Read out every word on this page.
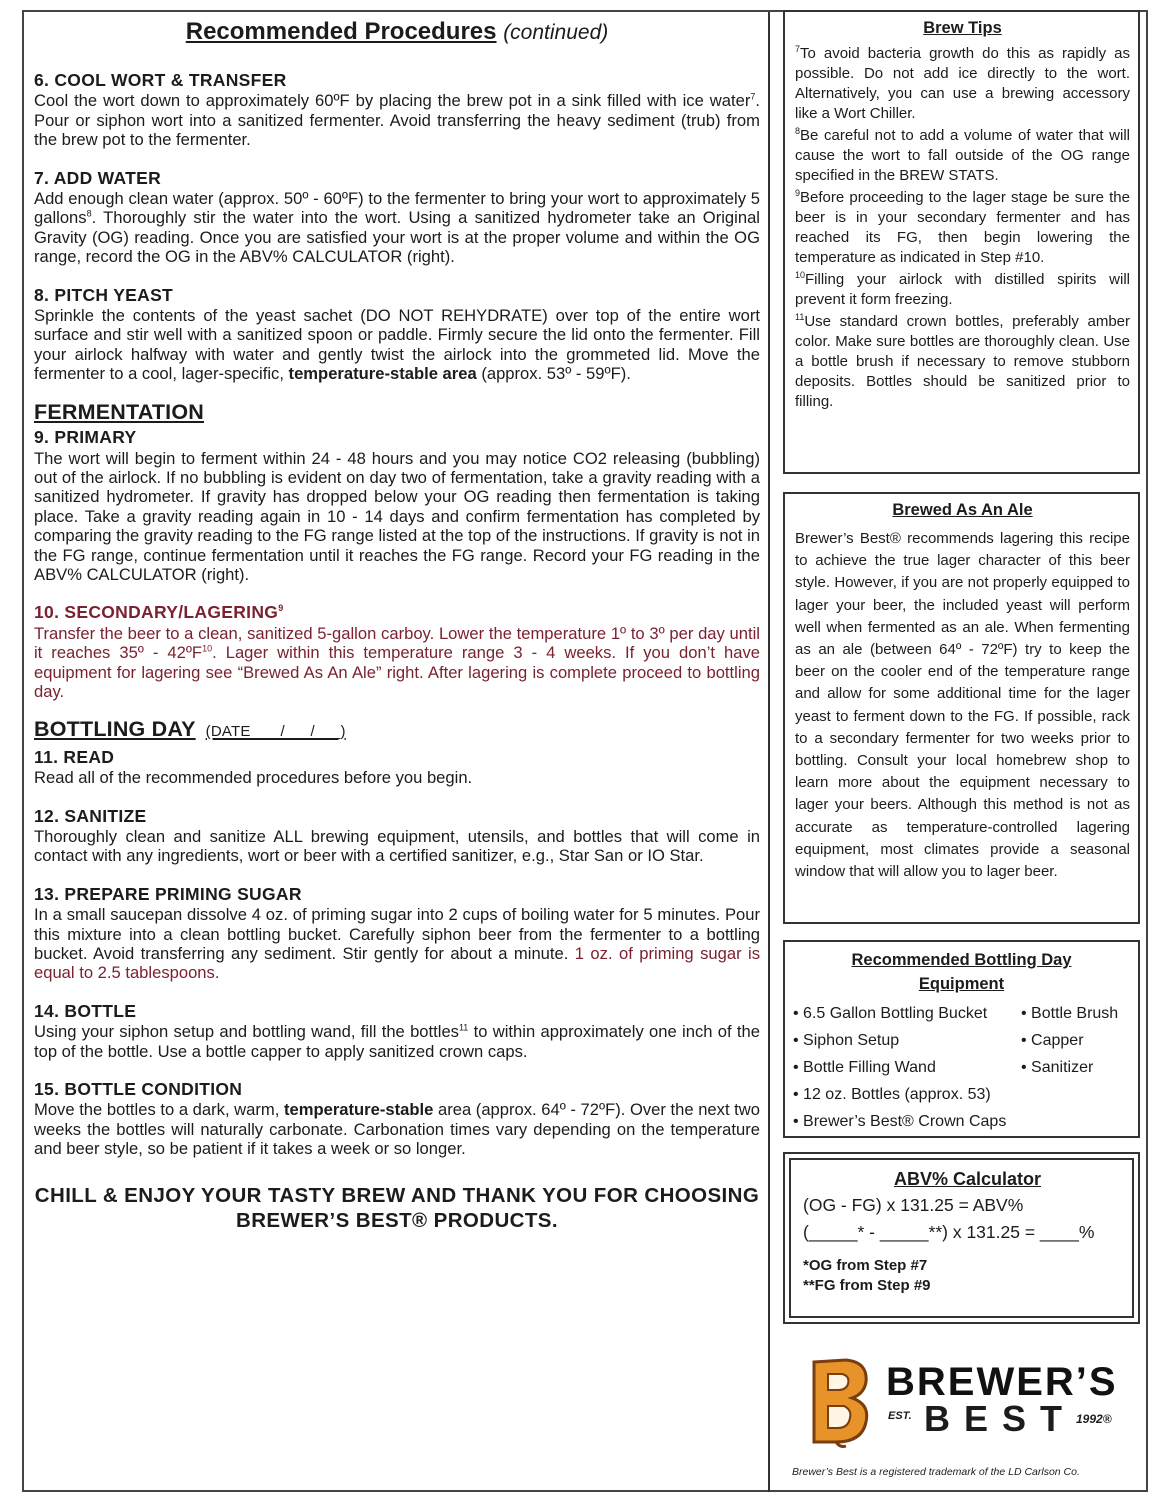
Recommended Procedures (continued)
6. COOL WORT & TRANSFER
Cool the wort down to approximately 60ºF by placing the brew pot in a sink filled with ice water$^7$. Pour or siphon wort into a sanitized fermenter. Avoid transferring the heavy sediment (trub) from the brew pot to the fermenter.
7. ADD WATER
Add enough clean water (approx. 50º - 60ºF) to the fermenter to bring your wort to approximately 5 gallons$^8$. Thoroughly stir the water into the wort. Using a sanitized hydrometer take an Original Gravity (OG) reading. Once you are satisfied your wort is at the proper volume and within the OG range, record the OG in the ABV% CALCULATOR (right).
8. PITCH YEAST
Sprinkle the contents of the yeast sachet (DO NOT REHYDRATE) over top of the entire wort surface and stir well with a sanitized spoon or paddle. Firmly secure the lid onto the fermenter. Fill your airlock halfway with water and gently twist the airlock into the grommeted lid. Move the fermenter to a cool, lager-specific, temperature-stable area (approx. 53º - 59ºF).
FERMENTATION
9. PRIMARY
The wort will begin to ferment within 24 - 48 hours and you may notice CO2 releasing (bubbling) out of the airlock. If no bubbling is evident on day two of fermentation, take a gravity reading with a sanitized hydrometer. If gravity has dropped below your OG reading then fermentation is taking place. Take a gravity reading again in 10 - 14 days and confirm fermentation has completed by comparing the gravity reading to the FG range listed at the top of the instructions. If gravity is not in the FG range, continue fermentation until it reaches the FG range. Record your FG reading in the ABV% CALCULATOR (right).
10. SECONDARY/LAGERING$^9$
Transfer the beer to a clean, sanitized 5-gallon carboy. Lower the temperature 1º to 3º per day until it reaches 35º - 42ºF$^{10}$. Lager within this temperature range 3 - 4 weeks. If you don’t have equipment for lagering see “Brewed As An Ale” right. After lagering is complete proceed to bottling day.
BOTTLING DAY (DATE ___/___/___)
11. READ
Read all of the recommended procedures before you begin.
12. SANITIZE
Thoroughly clean and sanitize ALL brewing equipment, utensils, and bottles that will come in contact with any ingredients, wort or beer with a certified sanitizer, e.g., Star San or IO Star.
13. PREPARE PRIMING SUGAR
In a small saucepan dissolve 4 oz. of priming sugar into 2 cups of boiling water for 5 minutes. Pour this mixture into a clean bottling bucket. Carefully siphon beer from the fermenter to a bottling bucket. Avoid transferring any sediment. Stir gently for about a minute. 1 oz. of priming sugar is equal to 2.5 tablespoons.
14. BOTTLE
Using your siphon setup and bottling wand, fill the bottles$^{11}$ to within approximately one inch of the top of the bottle. Use a bottle capper to apply sanitized crown caps.
15. BOTTLE CONDITION
Move the bottles to a dark, warm, temperature-stable area (approx. 64º - 72ºF). Over the next two weeks the bottles will naturally carbonate. Carbonation times vary depending on the temperature and beer style, so be patient if it takes a week or so longer.
CHILL & ENJOY YOUR TASTY BREW AND THANK YOU FOR CHOOSING BREWER’S BEST® PRODUCTS.
Brew Tips

$^7$To avoid bacteria growth do this as rapidly as possible. Do not add ice directly to the wort. Alternatively, you can use a brewing accessory like a Wort Chiller.

$^8$Be careful not to add a volume of water that will cause the wort to fall outside of the OG range specified in the BREW STATS.

$^9$Before proceeding to the lager stage be sure the beer is in your secondary fermenter and has reached its FG, then begin lowering the temperature as indicated in Step #10.

$^{10}$Filling your airlock with distilled spirits will prevent it form freezing.

$^{11}$Use standard crown bottles, preferably amber color. Make sure bottles are thoroughly clean. Use a bottle brush if necessary to remove stubborn deposits. Bottles should be sanitized prior to filling.

Brewed As An Ale

Brewer’s Best® recommends lagering this recipe to achieve the true lager character of this beer style. However, if you are not properly equipped to lager your beer, the included yeast will perform well when fermented as an ale. When fermenting as an ale (between 64º - 72ºF) try to keep the beer on the cooler end of the temperature range and allow for some additional time for the lager yeast to ferment down to the FG. If possible, rack to a secondary fermenter for two weeks prior to bottling. Consult your local homebrew shop to learn more about the equipment necessary to lager your beers. Although this method is not as accurate as temperature-controlled lagering equipment, most climates provide a seasonal window that will allow you to lager beer.

Recommended Bottling Day
Equipment
• 6.5 Gallon Bottling Bucket
• Siphon Setup
• Bottle Filling Wand
• 12 oz. Bottles (approx. 53)
• Brewer’s Best® Crown Caps
• Bottle Brush
• Capper
• Sanitizer
ABV% Calculator
(OG - FG) x 131.25 = ABV%
(_____* - _____**) x 131.25 = ____%
*OG from Step #7
**FG from Step #9
BREWER’S
EST. BEST 1992®
Brewer’s Best is a registered trademark of the LD Carlson Co.
